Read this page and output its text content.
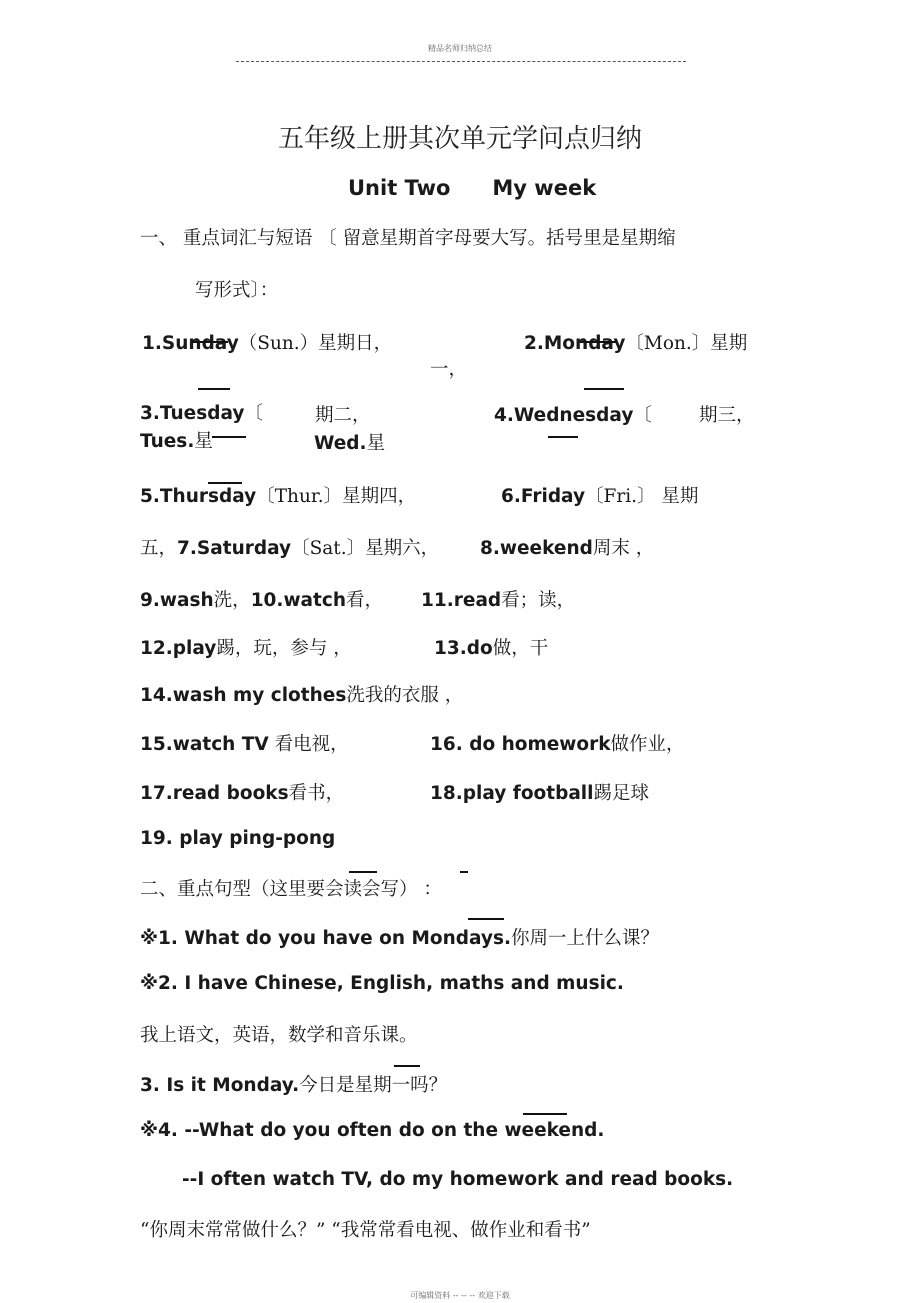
精品名师归纳总结
五年级上册其次单元学问点归纳
Unit Two My week
一、 重点词汇与短语 〔 留意星期首字母要大写。括号里是星期缩
写形式〕：
1.Sunday（Sun.）星期日，	2.Monday〔Mon.〕星期
一，
3.Tuesday〔	期二，
Tues.星
4.Wednesday〔	期三，
Wed.星
5.Thursday〔Thur.〕星期四，	6.Friday〔Fri.〕 星期
五，7.Saturday〔Sat.〕星期六， 8.weekend周末 ，
9.wash洗，10.watch看， 11.read看；读，
12.play踢，玩，参与 ，	13.do做，干
14.wash my clothes洗我的衣服 ，
15.watch TV 看电视，	16. do homework做作业，
17.read books看书，	18.play football踢足球
19. play ping-pong
二、重点句型（这里要会读会写） ：
※1. What do you have on Mondays.你周一上什么课？
※2. I have Chinese, English, maths and music.
我上语文，英语，数学和音乐课。
3. Is it Monday.今日是星期一吗？
※4. --What do you often do on the weekend.
--I often watch TV, do my homework and read books.
“你周末常常做什么？” “我常常看电视、做作业和看书”
可编辑资料 -- -- -- 欢迎下载
